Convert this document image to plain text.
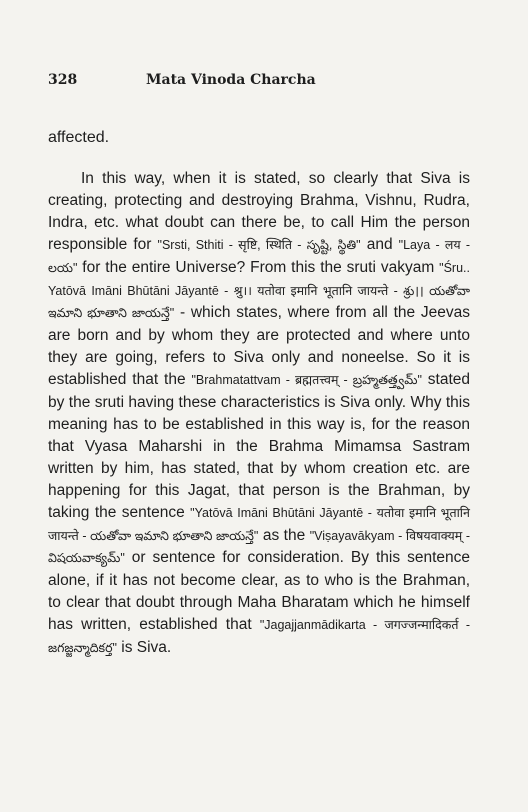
328	Mata Vinoda Charcha
affected.

In this way, when it is stated, so clearly that Siva is creating, protecting and destroying Brahma, Vishnu, Rudra, Indra, etc. what doubt can there be, to call Him the person responsible for "Srsti, Sthiti - सृष्टि, स्थिति - సృష్టి, స్థితి" and "Laya - लय - లయ" for the entire Universe? From this the sruti vakyam "Śru.. Yatōvā Imāni Bhūtāni Jāyantē - श्रु।। यतोवा इमानि भूतानि जायन्ते - శ్రు।। యతోవా ఇమాని భూతాని జాయన్తే" - which states, where from all the Jeevas are born and by whom they are protected and where unto they are going, refers to Siva only and noneelse. So it is established that the "Brahmatattvam - ब्रह्मतत्त्वम् - బ్రహ్మతత్త్వమ్" stated by the sruti having these characteristics is Siva only. Why this meaning has to be established in this way is, for the reason that Vyasa Maharshi in the Brahma Mimamsa Sastram written by him, has stated, that by whom creation etc. are happening for this Jagat, that person is the Brahman, by taking the sentence "Yatōvā Imāni Bhūtāni Jāyantē - यतोवा इमानि भूतानि जायन्ते - యతోవా ఇమాని భూతాని జాయన్తే" as the "Viṣayavākyam - विषयवाक्यम् - విషయవాక్యమ్" or sentence for consideration. By this sentence alone, if it has not become clear, as to who is the Brahman, to clear that doubt through Maha Bharatam which he himself has written, established that "Jagajjanmādikarta - जगज्जन्मादिकर्त - జగజ్జన్మాదికర్త" is Siva.
